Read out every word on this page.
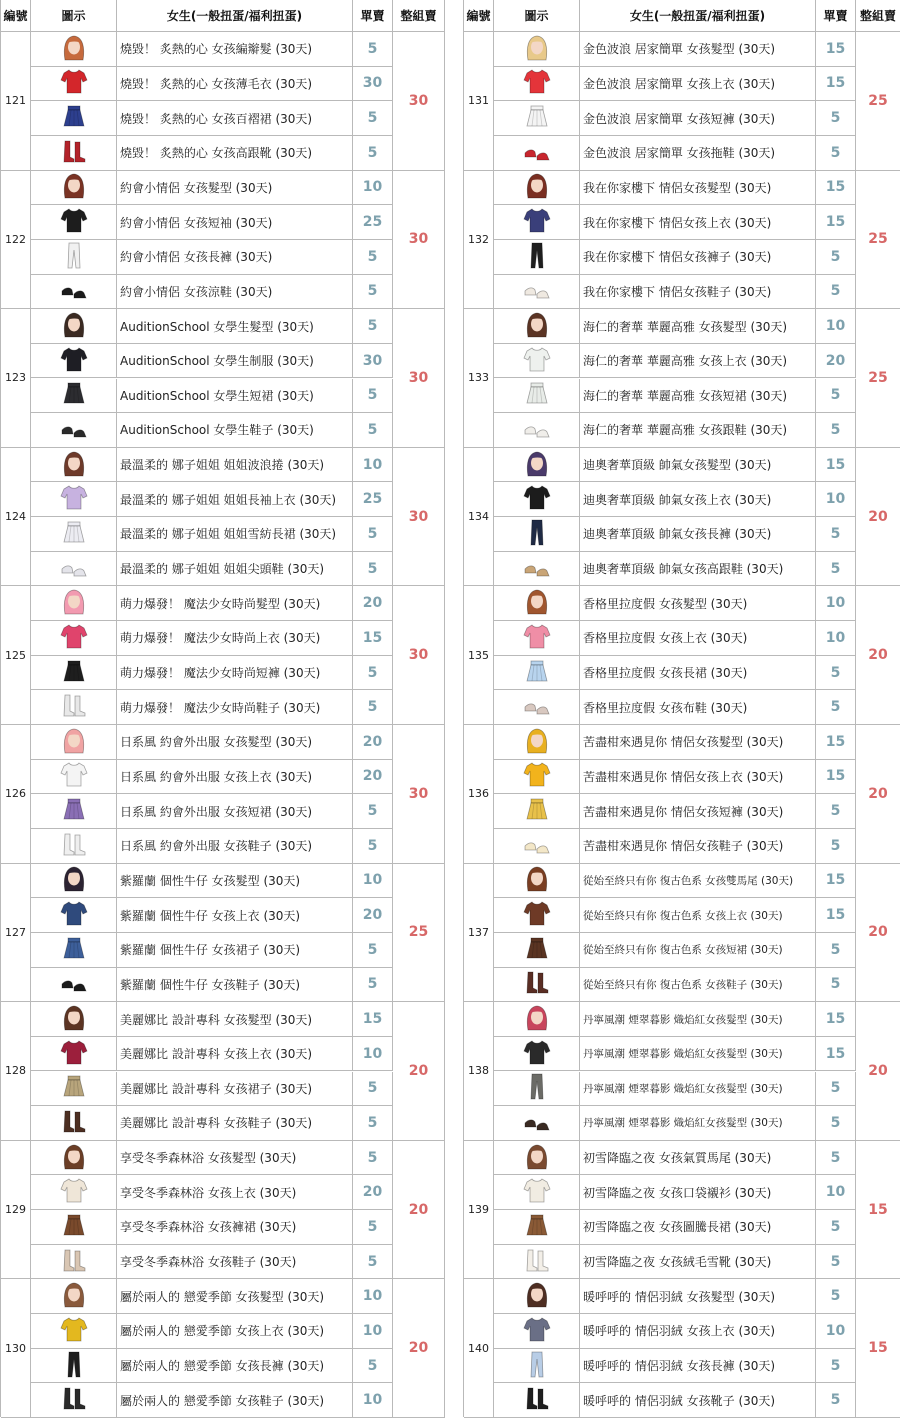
編號	圖示	女生(一般扭蛋/福利扭蛋)	單賣	整組賣
121	30
燒毀！ 炙熱的心 女孩編辮髮 (30天)	5
燒毀！ 炙熱的心 女孩薄毛衣 (30天)	30
燒毀！ 炙熱的心 女孩百褶裙 (30天)	5
燒毀！ 炙熱的心 女孩高跟靴 (30天)	5
122	30
約會小情侶 女孩髮型 (30天)	10
約會小情侶 女孩短袖 (30天)	25
約會小情侶 女孩長褲 (30天)	5
約會小情侶 女孩涼鞋 (30天)	5
123	30
AuditionSchool 女學生髮型 (30天)	5
AuditionSchool 女學生制服 (30天)	30
AuditionSchool 女學生短裙 (30天)	5
AuditionSchool 女學生鞋子 (30天)	5
124	30
最溫柔的 娜子姐姐 姐姐波浪捲 (30天)	10
最溫柔的 娜子姐姐 姐姐長袖上衣 (30天)	25
最溫柔的 娜子姐姐 姐姐雪紡長裙 (30天)	5
最溫柔的 娜子姐姐 姐姐尖頭鞋 (30天)	5
125	30
萌力爆發！ 魔法少女時尚髮型 (30天)	20
萌力爆發！ 魔法少女時尚上衣 (30天)	15
萌力爆發！ 魔法少女時尚短褲 (30天)	5
萌力爆發！ 魔法少女時尚鞋子 (30天)	5
126	30
日系風 約會外出服 女孩髮型 (30天)	20
日系風 約會外出服 女孩上衣 (30天)	20
日系風 約會外出服 女孩短裙 (30天)	5
日系風 約會外出服 女孩鞋子 (30天)	5
127	25
紫羅蘭 個性牛仔 女孩髮型 (30天)	10
紫羅蘭 個性牛仔 女孩上衣 (30天)	20
紫羅蘭 個性牛仔 女孩裙子 (30天)	5
紫羅蘭 個性牛仔 女孩鞋子 (30天)	5
128	20
美麗娜比 設計專科 女孩髮型 (30天)	15
美麗娜比 設計專科 女孩上衣 (30天)	10
美麗娜比 設計專科 女孩裙子 (30天)	5
美麗娜比 設計專科 女孩鞋子 (30天)	5
129	20
享受冬季森林浴 女孩髮型 (30天)	5
享受冬季森林浴 女孩上衣 (30天)	20
享受冬季森林浴 女孩褲裙 (30天)	5
享受冬季森林浴 女孩鞋子 (30天)	5
130	20
屬於兩人的 戀愛季節 女孩髮型 (30天)	10
屬於兩人的 戀愛季節 女孩上衣 (30天)	10
屬於兩人的 戀愛季節 女孩長褲 (30天)	5
屬於兩人的 戀愛季節 女孩鞋子 (30天)	10
編號	圖示	女生(一般扭蛋/福利扭蛋)	單賣	整組賣
131	25
金色波浪 居家簡單 女孩髮型 (30天)	15
金色波浪 居家簡單 女孩上衣 (30天)	15
金色波浪 居家簡單 女孩短褲 (30天)	5
金色波浪 居家簡單 女孩拖鞋 (30天)	5
132	25
我在你家樓下 情侶女孩髮型 (30天)	15
我在你家樓下 情侶女孩上衣 (30天)	15
我在你家樓下 情侶女孩褲子 (30天)	5
我在你家樓下 情侶女孩鞋子 (30天)	5
133	25
海仁的奢華 華麗高雅 女孩髮型 (30天)	10
海仁的奢華 華麗高雅 女孩上衣 (30天)	20
海仁的奢華 華麗高雅 女孩短裙 (30天)	5
海仁的奢華 華麗高雅 女孩跟鞋 (30天)	5
134	20
迪奧奢華頂級 帥氣女孩髮型 (30天)	15
迪奧奢華頂級 帥氣女孩上衣 (30天)	10
迪奧奢華頂級 帥氣女孩長褲 (30天)	5
迪奧奢華頂級 帥氣女孩高跟鞋 (30天)	5
135	20
香格里拉度假 女孩髮型 (30天)	10
香格里拉度假 女孩上衣 (30天)	10
香格里拉度假 女孩長裙 (30天)	5
香格里拉度假 女孩布鞋 (30天)	5
136	20
苦盡柑來遇見你 情侶女孩髮型 (30天)	15
苦盡柑來遇見你 情侶女孩上衣 (30天)	15
苦盡柑來遇見你 情侶女孩短褲 (30天)	5
苦盡柑來遇見你 情侶女孩鞋子 (30天)	5
137	20
從始至終只有你 復古色系 女孩雙馬尾 (30天)	15
從始至終只有你 復古色系 女孩上衣 (30天)	15
從始至終只有你 復古色系 女孩短裙 (30天)	5
從始至終只有你 復古色系 女孩鞋子 (30天)	5
138	20
丹寧風潮 煙翠暮影 熾焰紅女孩髮型 (30天)	15
丹寧風潮 煙翠暮影 熾焰紅女孩髮型 (30天)	15
丹寧風潮 煙翠暮影 熾焰紅女孩髮型 (30天)	5
丹寧風潮 煙翠暮影 熾焰紅女孩髮型 (30天)	5
139	15
初雪降臨之夜 女孩氣質馬尾 (30天)	5
初雪降臨之夜 女孩口袋襯衫 (30天)	10
初雪降臨之夜 女孩圖騰長裙 (30天)	5
初雪降臨之夜 女孩絨毛雪靴 (30天)	5
140	15
暖呼呼的 情侶羽絨 女孩髮型 (30天)	5
暖呼呼的 情侶羽絨 女孩上衣 (30天)	10
暖呼呼的 情侶羽絨 女孩長褲 (30天)	5
暖呼呼的 情侶羽絨 女孩靴子 (30天)	5
